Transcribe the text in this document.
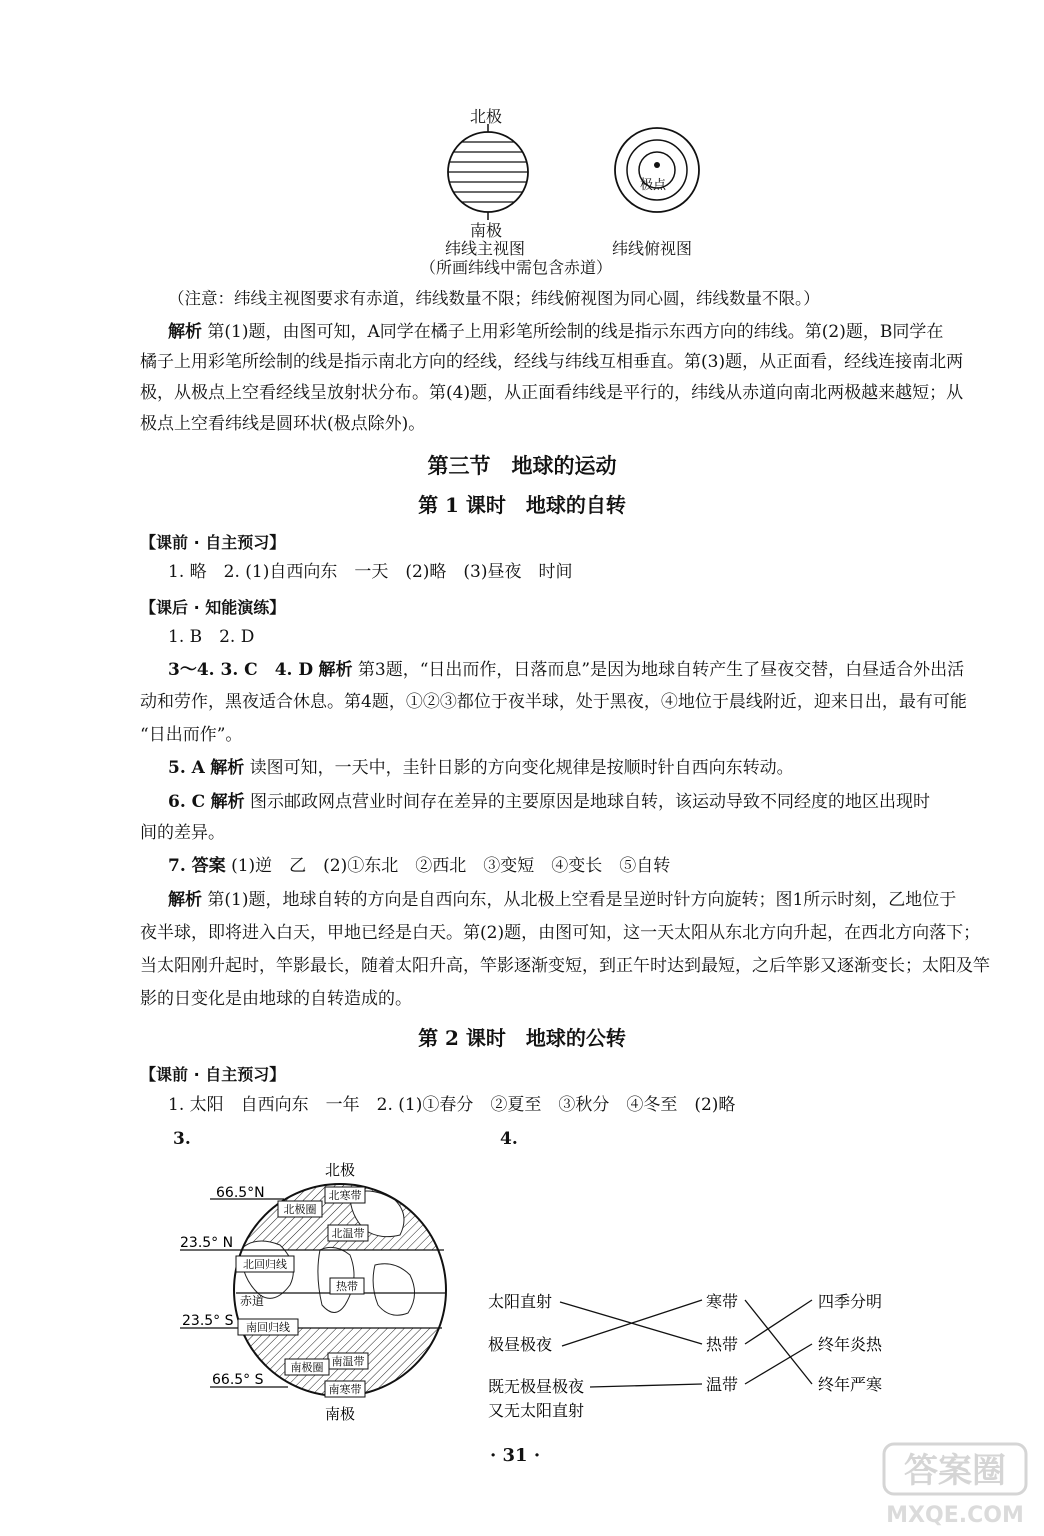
北极
南极
纬线主视图
（所画纬线中需包含赤道）
极点
纬线俯视图
（注意：纬线主视图要求有赤道，纬线数量不限；纬线俯视图为同心圆，纬线数量不限。）
解析 第(1)题，由图可知，A同学在橘子上用彩笔所绘制的线是指示东西方向的纬线。第(2)题，B同学在
橘子上用彩笔所绘制的线是指示南北方向的经线，经线与纬线互相垂直。第(3)题，从正面看，经线连接南北两
极，从极点上空看经线呈放射状分布。第(4)题，从正面看纬线是平行的，纬线从赤道向南北两极越来越短；从
极点上空看纬线是圆环状(极点除外)。
第三节　地球的运动
第 1 课时　地球的自转
【课前 · 自主预习】
1. 略　2. (1)自西向东　一天　(2)略　(3)昼夜　时间
【课后 · 知能演练】
1. B　2. D
3～4. 3. C　4. D 解析 第3题，“日出而作，日落而息”是因为地球自转产生了昼夜交替，白昼适合外出活
动和劳作，黑夜适合休息。第4题，①②③都位于夜半球，处于黑夜，④地位于晨线附近，迎来日出，最有可能
“日出而作”。
5. A 解析 读图可知，一天中，圭针日影的方向变化规律是按顺时针自西向东转动。
6. C 解析 图示邮政网点营业时间存在差异的主要原因是地球自转，该运动导致不同经度的地区出现时
间的差异。
7. 答案 (1)逆　乙　(2)①东北　②西北　③变短　④变长　⑤自转
解析 第(1)题，地球自转的方向是自西向东，从北极上空看是呈逆时针方向旋转；图1所示时刻，乙地位于
夜半球，即将进入白天，甲地已经是白天。第(2)题，由图可知，这一天太阳从东北方向升起，在西北方向落下；
当太阳刚升起时，竿影最长，随着太阳升高，竿影逐渐变短，到正午时达到最短，之后竿影又逐渐变长；太阳及竿
影的日变化是由地球的自转造成的。
第 2 课时　地球的公转
【课前 · 自主预习】
1. 太阳　自西向东　一年　2. (1)①春分　②夏至　③秋分　④冬至　(2)略
3.	4.
北寒带
北温带
热带
南温带
南寒带
北极圈
北回归线
赤道
南回归线
南极圈
北极
南极
66.5°N
23.5° N
23.5° S
66.5° S
太阳直射
极昼极夜
既无极昼极夜
又无太阳直射
寒带
热带
温带
四季分明
终年炎热
终年严寒
· 31 ·	答案圈
MXQE.COM
